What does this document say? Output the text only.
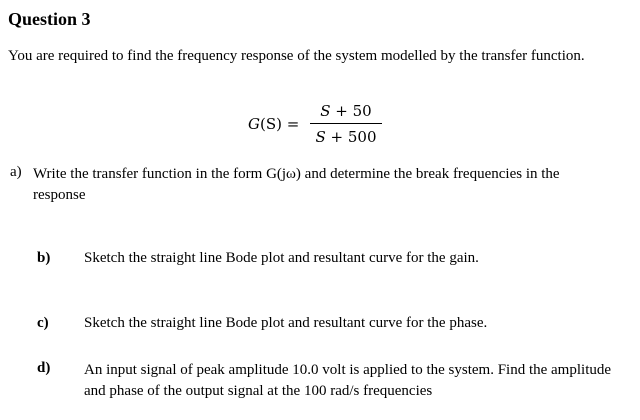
Question 3
You are required to find the frequency response of the system modelled by the transfer function.
G(S) =
S + 50
S + 500
a) Write the transfer function in the form G(jω) and determine the break frequencies in the response
b) Sketch the straight line Bode plot and resultant curve for the gain.
c) Sketch the straight line Bode plot and resultant curve for the phase.
d) An input signal of peak amplitude 10.0 volt is applied to the system. Find the amplitude and phase of the output signal at the 100 rad/s frequencies
